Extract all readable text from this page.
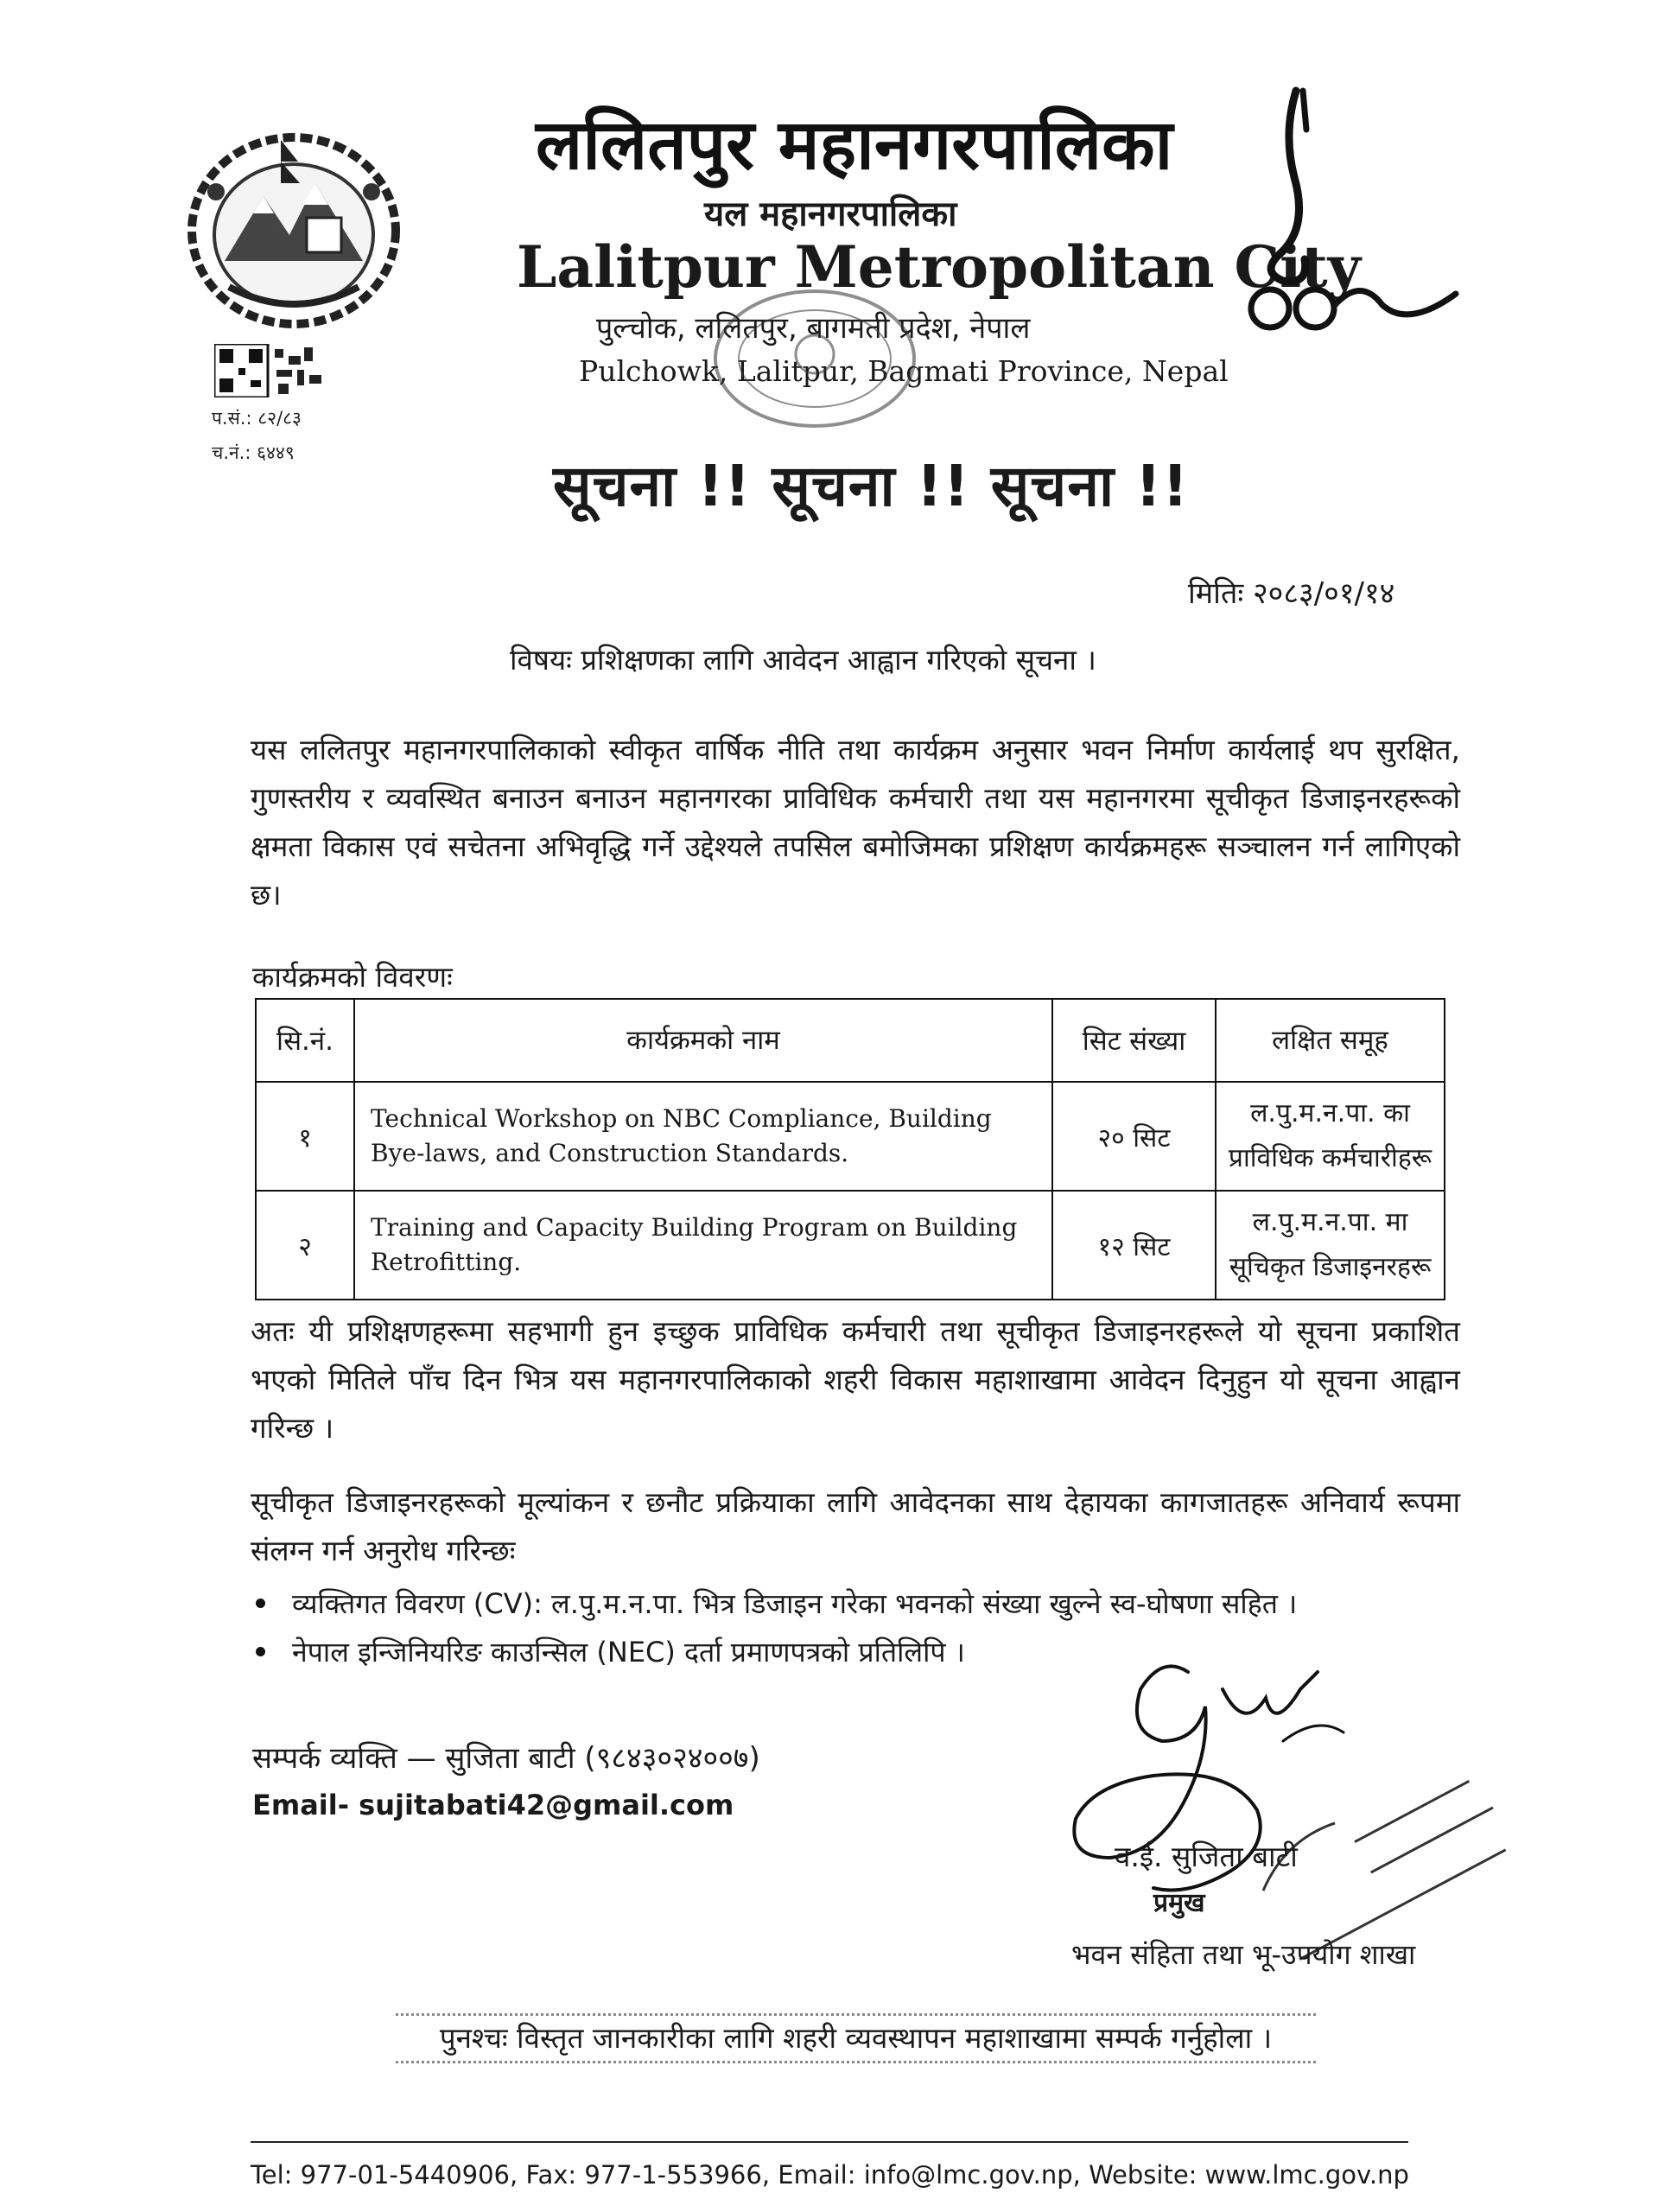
प.सं.: ८२/८३
च.नं.: ६४४९
ललितपुर महानगरपालिका
यल महानगरपालिका
Lalitpur Metropolitan City
पुल्चोक, ललितपुर, बागमती प्रदेश, नेपाल
Pulchowk, Lalitpur, Bagmati Province, Nepal
सूचना !! सूचना !! सूचना !!
मितिः २०८३/०१/१४
विषयः प्रशिक्षणका लागि आवेदन आह्वान गरिएको सूचना ।
यस ललितपुर महानगरपालिकाको स्वीकृत वार्षिक नीति तथा कार्यक्रम अनुसार भवन निर्माण कार्यलाई थप सुरक्षित, गुणस्तरीय र व्यवस्थित बनाउन बनाउन महानगरका प्राविधिक कर्मचारी तथा यस महानगरमा सूचीकृत डिजाइनरहरूको क्षमता विकास एवं सचेतना अभिवृद्धि गर्ने उद्देश्यले तपसिल बमोजिमका प्रशिक्षण कार्यक्रमहरू सञ्चालन गर्न लागिएको छ।
कार्यक्रमको विवरणः
सि.नं.	कार्यक्रमको नाम	सिट संख्या	लक्षित समूह
१	Technical Workshop on NBC Compliance, Building Bye-laws, and Construction Standards.	२० सिट	ल.पु.म.न.पा. का
प्राविधिक कर्मचारीहरू

२	Training and Capacity Building Program on Building Retrofitting.	१२ सिट	ल.पु.म.न.पा. मा
सूचिकृत डिजाइनरहरू
अतः यी प्रशिक्षणहरूमा सहभागी हुन इच्छुक प्राविधिक कर्मचारी तथा सूचीकृत डिजाइनरहरूले यो सूचना प्रकाशित भएको मितिले पाँच दिन भित्र यस महानगरपालिकाको शहरी विकास महाशाखामा आवेदन दिनुहुन यो सूचना आह्वान गरिन्छ ।
सूचीकृत डिजाइनरहरूको मूल्यांकन र छनौट प्रक्रियाका लागि आवेदनका साथ देहायका कागजातहरू अनिवार्य रूपमा संलग्न गर्न अनुरोध गरिन्छः
व्यक्तिगत विवरण (CV): ल.पु.म.न.पा. भित्र डिजाइन गरेका भवनको संख्या खुल्ने स्व-घोषणा सहित ।
नेपाल इन्जिनियरिङ काउन्सिल (NEC) दर्ता प्रमाणपत्रको प्रतिलिपि ।
सम्पर्क व्यक्ति — सुजिता बाटी (९८४३०२४००७)
Email- sujitabati42@gmail.com
व.ई. सुजिता बाटी
प्रमुख
भवन संहिता तथा भू-उपयोग शाखा
पुनश्चः विस्तृत जानकारीका लागि शहरी व्यवस्थापन महाशाखामा सम्पर्क गर्नुहोला ।
Tel: 977-01-5440906, Fax: 977-1-553966, Email: info@lmc.gov.np, Website: www.lmc.gov.np
